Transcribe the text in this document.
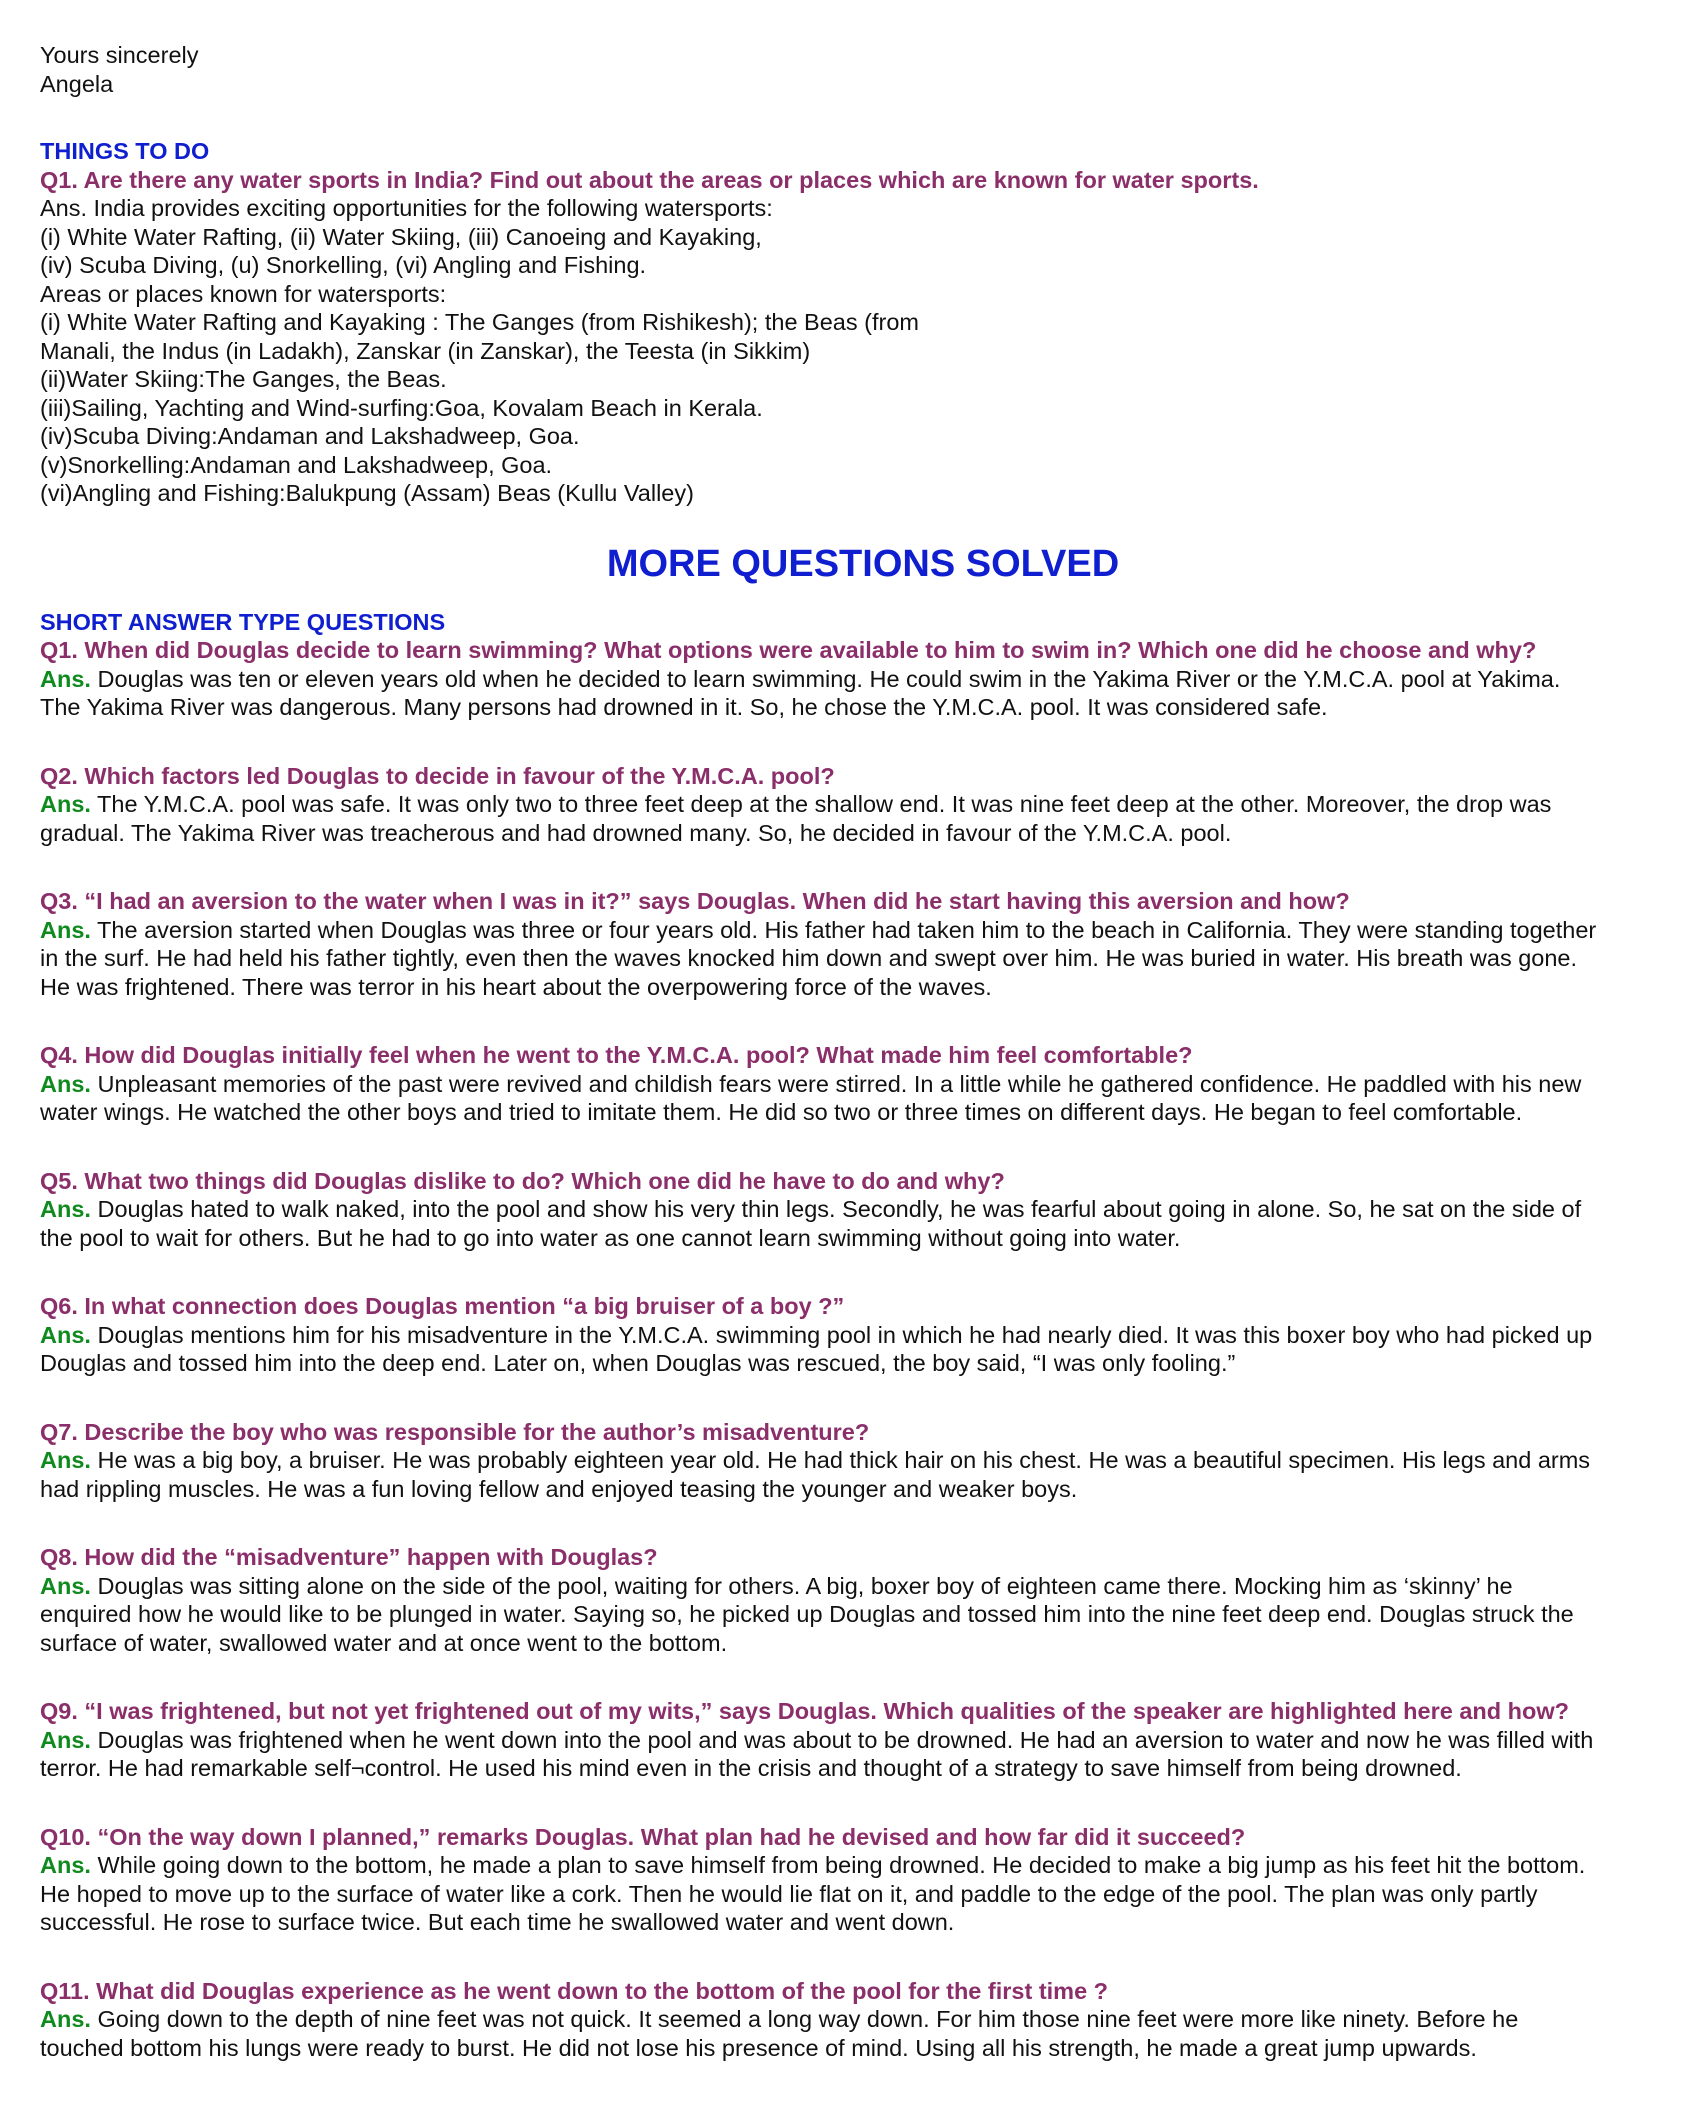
Yours sincerely
Angela
THINGS TO DO
Q1. Are there any water sports in India? Find out about the areas or places which are known for water sports.
Ans. India provides exciting opportunities for the following watersports:
(i) White Water Rafting, (ii) Water Skiing, (iii) Canoeing and Kayaking,
(iv) Scuba Diving, (u) Snorkelling, (vi) Angling and Fishing.
Areas or places known for watersports:
(i) White Water Rafting and Kayaking : The Ganges (from Rishikesh); the Beas (from
Manali, the Indus (in Ladakh), Zanskar (in Zanskar), the Teesta (in Sikkim)
(ii)Water Skiing:The Ganges, the Beas.
(iii)Sailing, Yachting and Wind-surfing:Goa, Kovalam Beach in Kerala.
(iv)Scuba Diving:Andaman and Lakshadweep, Goa.
(v)Snorkelling:Andaman and Lakshadweep, Goa.
(vi)Angling and Fishing:Balukpung (Assam) Beas (Kullu Valley)
MORE QUESTIONS SOLVED
SHORT ANSWER TYPE QUESTIONS
Q1. When did Douglas decide to learn swimming? What options were available to him to swim in? Which one did he choose and why?
Ans. Douglas was ten or eleven years old when he decided to learn swimming. He could swim in the Yakima River or the Y.M.C.A. pool at Yakima.
The Yakima River was dangerous. Many persons had drowned in it. So, he chose the Y.M.C.A. pool. It was considered safe.
Q2. Which factors led Douglas to decide in favour of the Y.M.C.A. pool?
Ans. The Y.M.C.A. pool was safe. It was only two to three feet deep at the shallow end. It was nine feet deep at the other. Moreover, the drop was
gradual. The Yakima River was treacherous and had drowned many. So, he decided in favour of the Y.M.C.A. pool.
Q3. “I had an aversion to the water when I was in it?” says Douglas. When did he start having this aversion and how?
Ans. The aversion started when Douglas was three or four years old. His father had taken him to the beach in California. They were standing together
in the surf. He had held his father tightly, even then the waves knocked him down and swept over him. He was buried in water. His breath was gone.
He was frightened. There was terror in his heart about the overpowering force of the waves.
Q4. How did Douglas initially feel when he went to the Y.M.C.A. pool? What made him feel comfortable?
Ans. Unpleasant memories of the past were revived and childish fears were stirred. In a little while he gathered confidence. He paddled with his new
water wings. He watched the other boys and tried to imitate them. He did so two or three times on different days. He began to feel comfortable.
Q5. What two things did Douglas dislike to do? Which one did he have to do and why?
Ans. Douglas hated to walk naked, into the pool and show his very thin legs. Secondly, he was fearful about going in alone. So, he sat on the side of
the pool to wait for others. But he had to go into water as one cannot learn swimming without going into water.
Q6. In what connection does Douglas mention “a big bruiser of a boy ?”
Ans. Douglas mentions him for his misadventure in the Y.M.C.A. swimming pool in which he had nearly died. It was this boxer boy who had picked up
Douglas and tossed him into the deep end. Later on, when Douglas was rescued, the boy said, “I was only fooling.”
Q7. Describe the boy who was responsible for the author’s misadventure?
Ans. He was a big boy, a bruiser. He was probably eighteen year old. He had thick hair on his chest. He was a beautiful specimen. His legs and arms
had rippling muscles. He was a fun loving fellow and enjoyed teasing the younger and weaker boys.
Q8. How did the “misadventure” happen with Douglas?
Ans. Douglas was sitting alone on the side of the pool, waiting for others. A big, boxer boy of eighteen came there. Mocking him as ‘skinny’ he
enquired how he would like to be plunged in water. Saying so, he picked up Douglas and tossed him into the nine feet deep end. Douglas struck the
surface of water, swallowed water and at once went to the bottom.
Q9. “I was frightened, but not yet frightened out of my wits,” says Douglas. Which qualities of the speaker are highlighted here and how?
Ans. Douglas was frightened when he went down into the pool and was about to be drowned. He had an aversion to water and now he was filled with
terror. He had remarkable self¬control. He used his mind even in the crisis and thought of a strategy to save himself from being drowned.
Q10. “On the way down I planned,” remarks Douglas. What plan had he devised and how far did it succeed?
Ans. While going down to the bottom, he made a plan to save himself from being drowned. He decided to make a big jump as his feet hit the bottom.
He hoped to move up to the surface of water like a cork. Then he would lie flat on it, and paddle to the edge of the pool. The plan was only partly
successful. He rose to surface twice. But each time he swallowed water and went down.
Q11. What did Douglas experience as he went down to the bottom of the pool for the first time ?
Ans. Going down to the depth of nine feet was not quick. It seemed a long way down. For him those nine feet were more like ninety. Before he
touched bottom his lungs were ready to burst. He did not lose his presence of mind. Using all his strength, he made a great jump upwards.
